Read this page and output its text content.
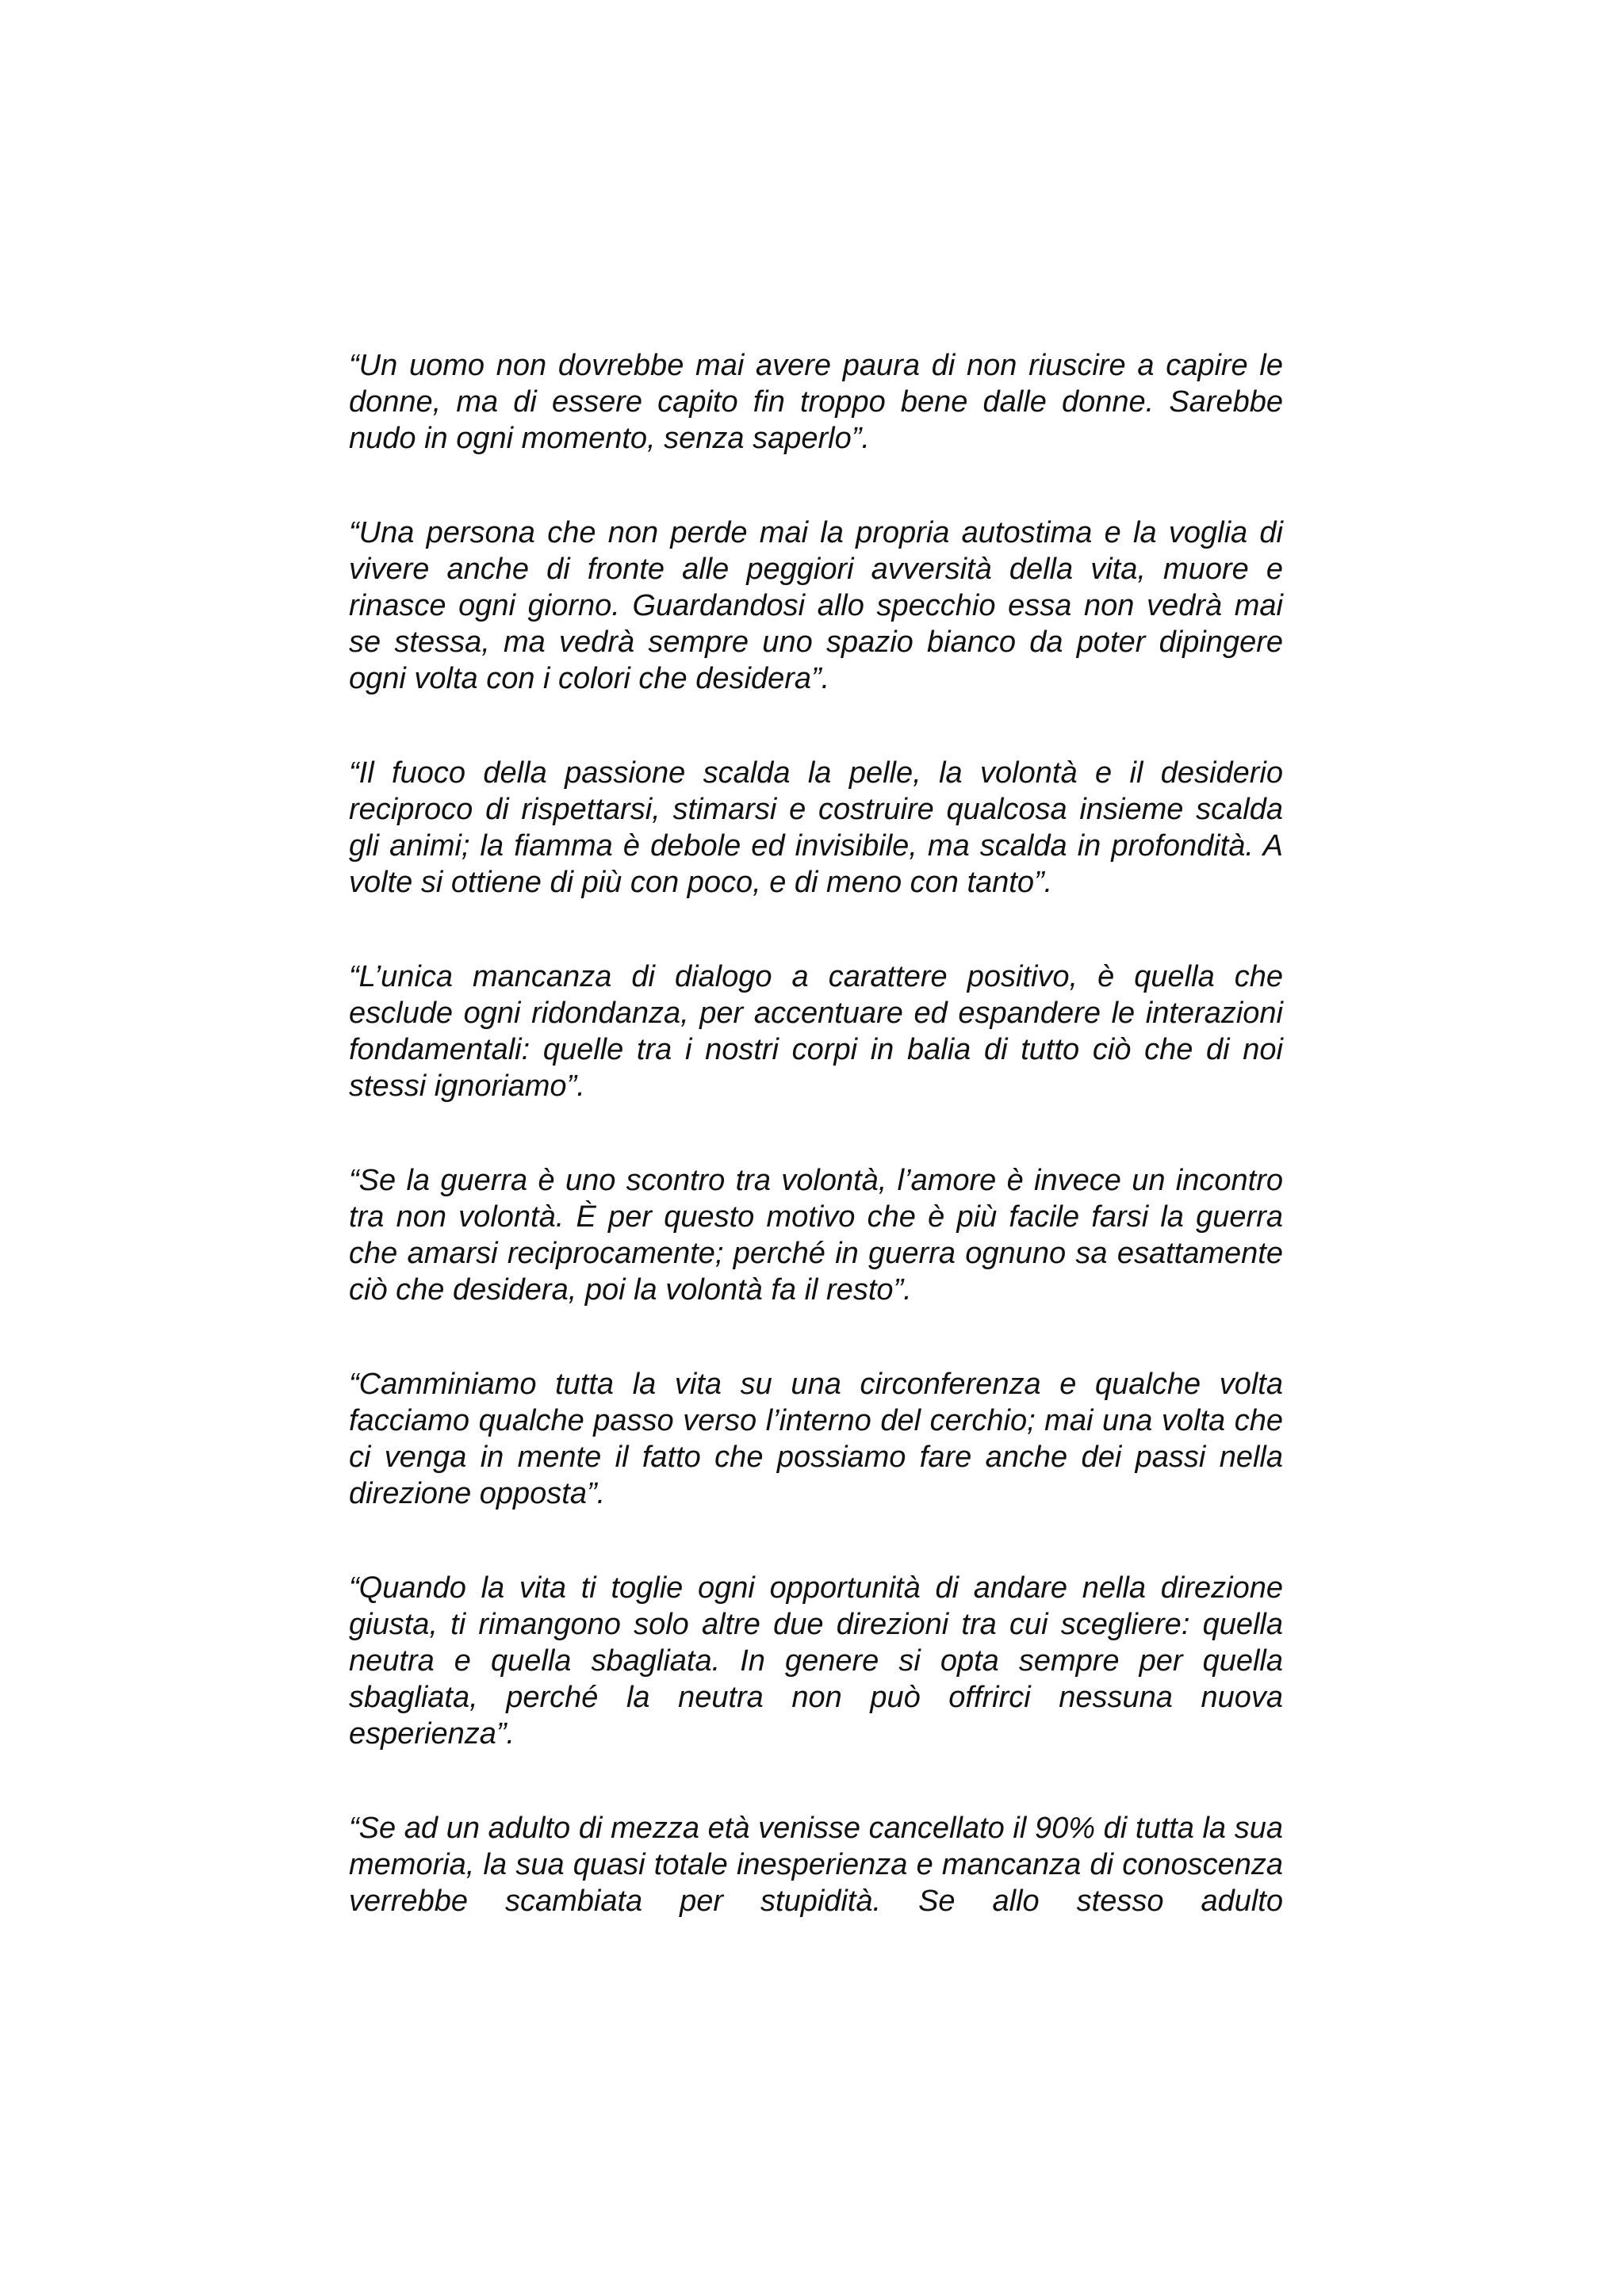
“Un uomo non dovrebbe mai avere paura di non riuscire a capire le donne, ma di essere capito fin troppo bene dalle donne. Sarebbe nudo in ogni momento, senza saperlo”.

“Una persona che non perde mai la propria autostima e la voglia di vivere anche di fronte alle peggiori avversità della vita, muore e rinasce ogni giorno. Guardandosi allo specchio essa non vedrà mai se stessa, ma vedrà sempre uno spazio bianco da poter dipingere ogni volta con i colori che desidera”.

“Il fuoco della passione scalda la pelle, la volontà e il desiderio reciproco di rispettarsi, stimarsi e costruire qualcosa insieme scalda gli animi; la fiamma è debole ed invisibile, ma scalda in profondità. A volte si ottiene di più con poco, e di meno con tanto”.

“L’unica mancanza di dialogo a carattere positivo, è quella che esclude ogni ridondanza, per accentuare ed espandere le interazioni fondamentali: quelle tra i nostri corpi in balia di tutto ciò che di noi stessi ignoriamo”.

“Se la guerra è uno scontro tra volontà, l’amore è invece un incontro tra non volontà. È per questo motivo che è più facile farsi la guerra che amarsi reciprocamente; perché in guerra ognuno sa esattamente ciò che desidera, poi la volontà fa il resto”.

“Camminiamo tutta la vita su una circonferenza e qualche volta facciamo qualche passo verso l’interno del cerchio; mai una volta che ci venga in mente il fatto che possiamo fare anche dei passi nella direzione opposta”.

“Quando la vita ti toglie ogni opportunità di andare nella direzione giusta, ti rimangono solo altre due direzioni tra cui scegliere: quella neutra e quella sbagliata. In genere si opta sempre per quella sbagliata, perché la neutra non può offrirci nessuna nuova esperienza”.

“Se ad un adulto di mezza età venisse cancellato il 90% di tutta la sua memoria, la sua quasi totale inesperienza e mancanza di conoscenza verrebbe scambiata per stupidità. Se allo stesso adulto
